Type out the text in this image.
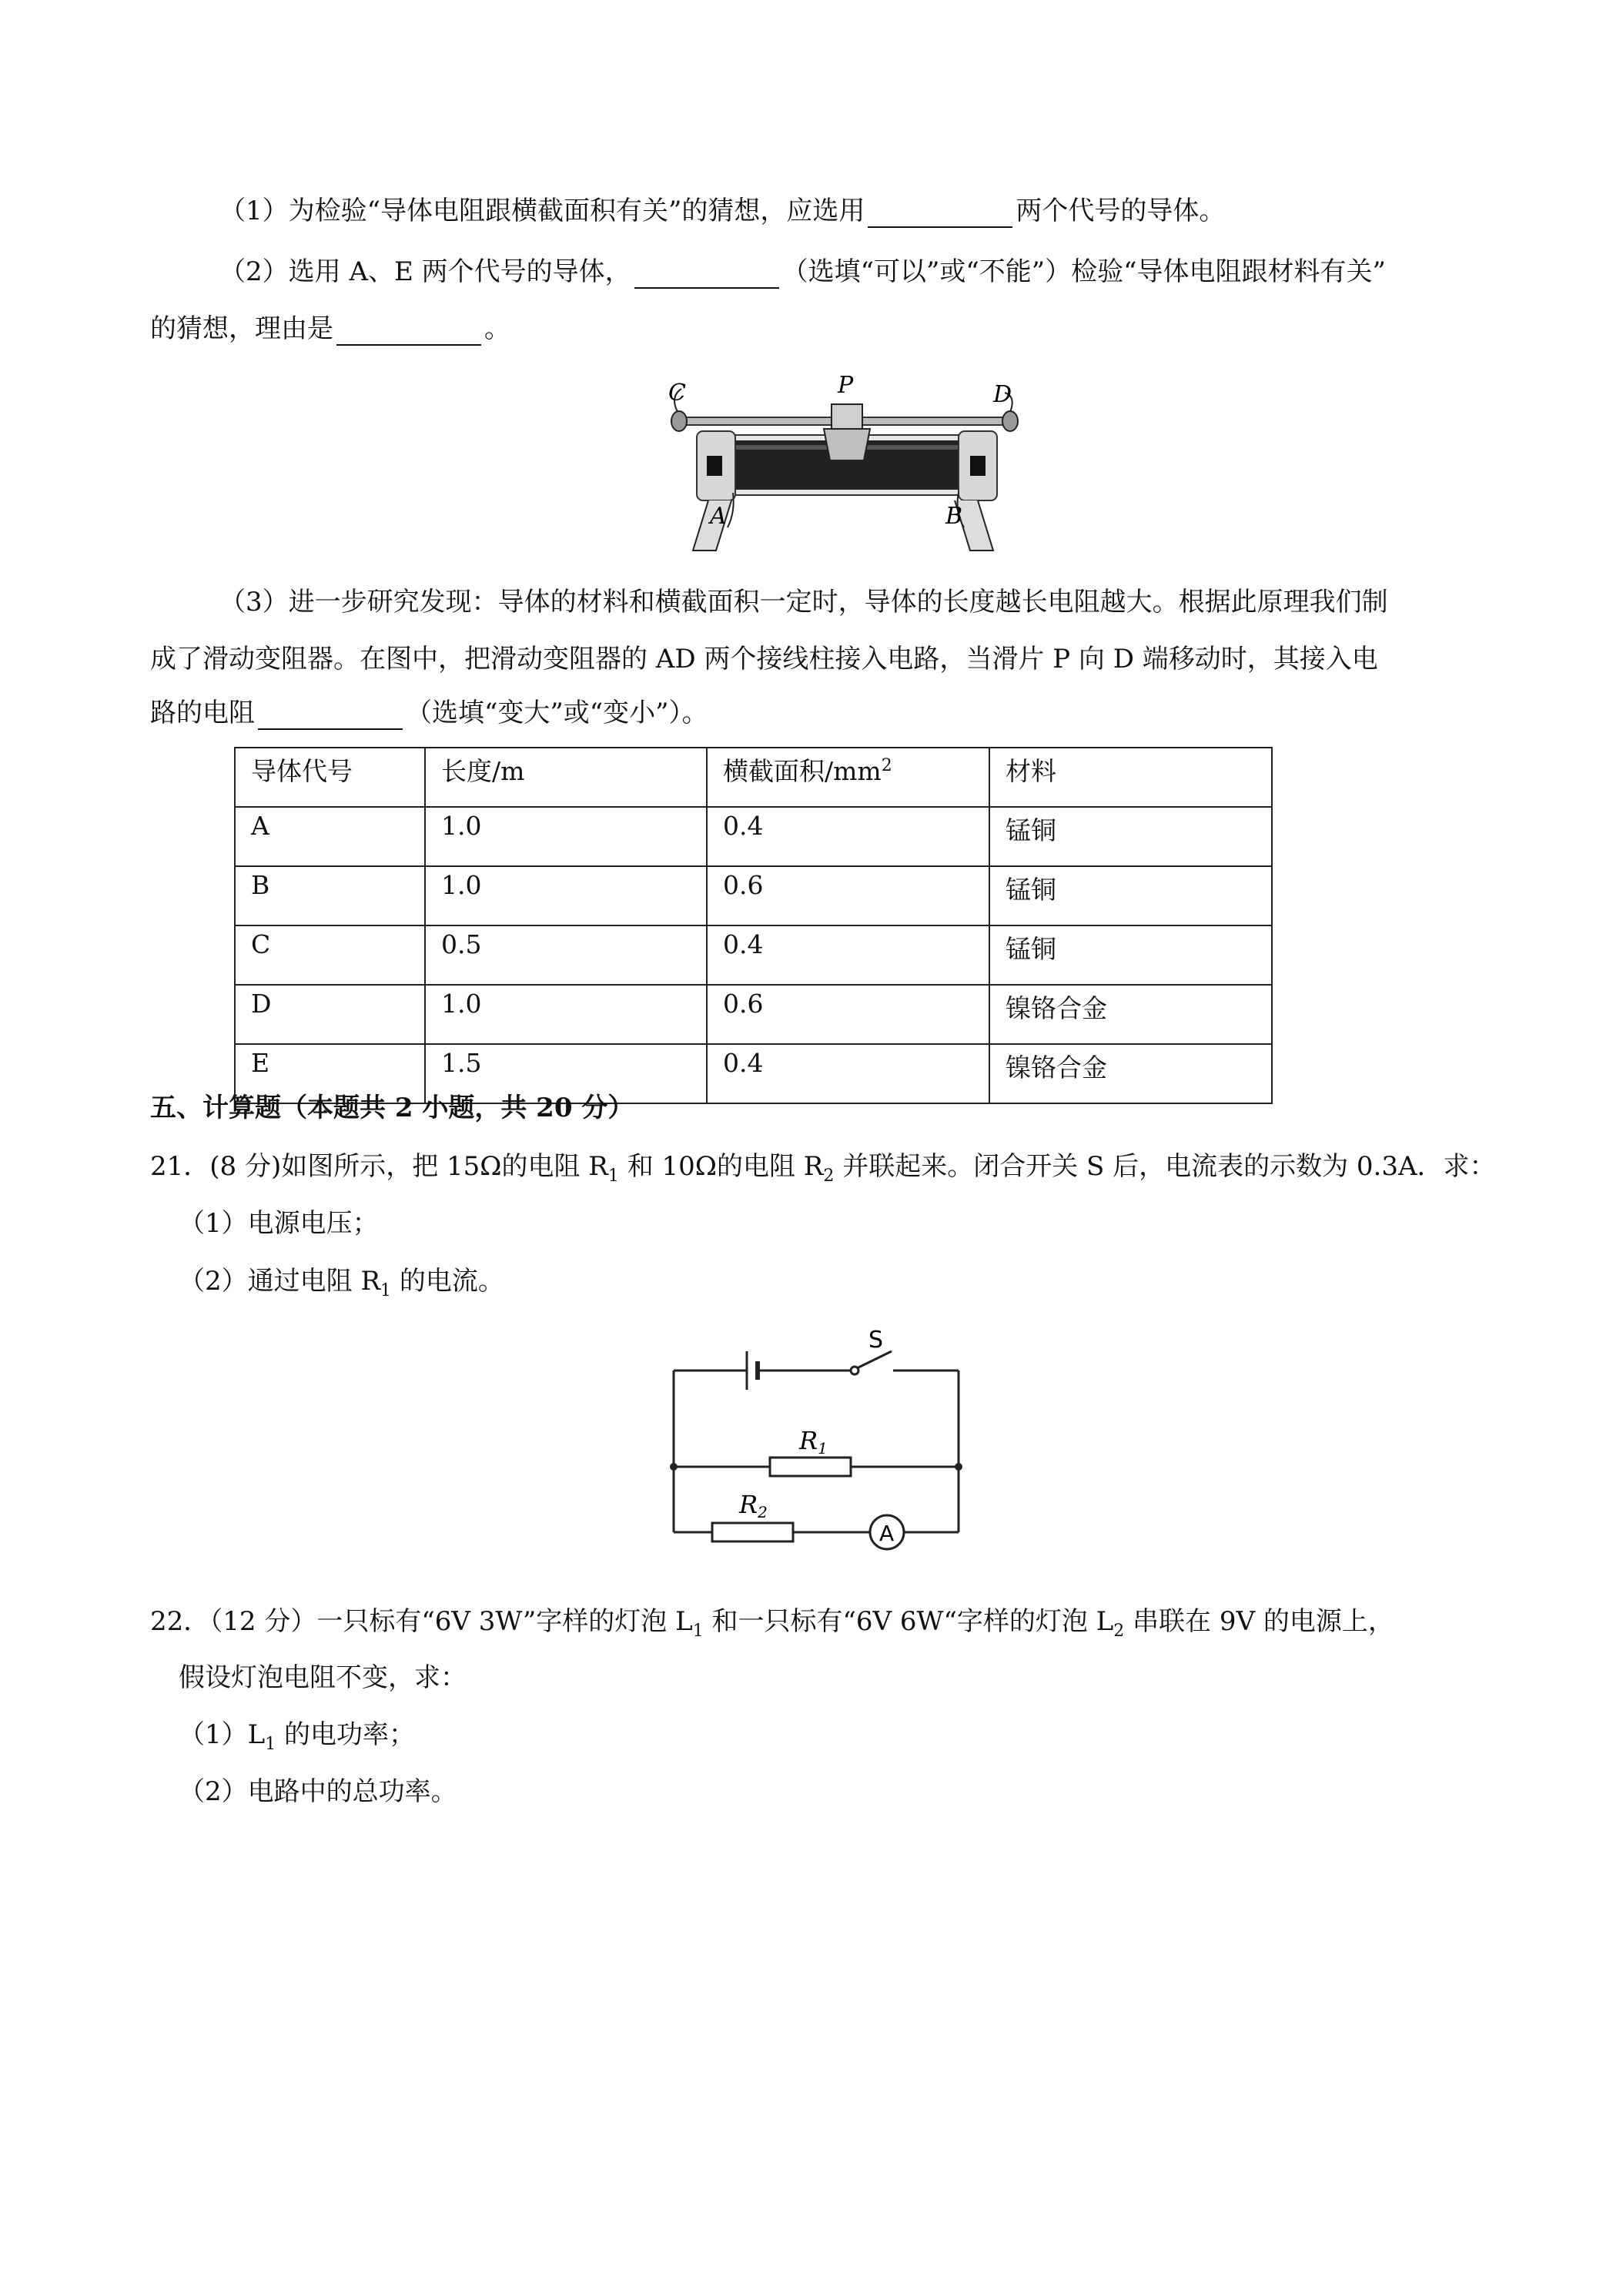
（1）为检验“导体电阻跟横截面积有关”的猜想，应选用	两个代号的导体。
（2）选用 A、E 两个代号的导体，	（选填“可以”或“不能”）检验“导体电阻跟材料有关”
的猜想，理由是	。
C	P	D
A	B
（3）进一步研究发现：导体的材料和横截面积一定时，导体的长度越长电阻越大。根据此原理我们制
成了滑动变阻器。在图中，把滑动变阻器的 AD 两个接线柱接入电路，当滑片 P 向 D 端移动时，其接入电
路的电阻	（选填“变大”或“变小”）。
导体代号	长度/m	横截面积$/mm^2$	材料
A	1.0	0.4	锰铜
B	1.0	0.6	锰铜
C	0.5	0.4	锰铜
D	1.0	0.6	镍铬合金
E	1.5	0.4	镍铬合金
五、计算题（本题共 2 小题，共 20 分）
21．(8 分)如图所示，把 15Ω的电阻 $R_1$ 和 10Ω的电阻 $R_2$ 并联起来。闭合开关 S 后，电流表的示数为 0.3A．求：
（1）电源电压；
（2）通过电阻 $R_1$ 的电流。
S
R1
R2
A
22．（12 分）一只标有“6V 3W”字样的灯泡 $L_1$ 和一只标有“6V 6W“字样的灯泡 $L_2$ 串联在 9V 的电源上，
假设灯泡电阻不变，求：
$(1)L_1$ 的电功率；
（2）电路中的总功率。
